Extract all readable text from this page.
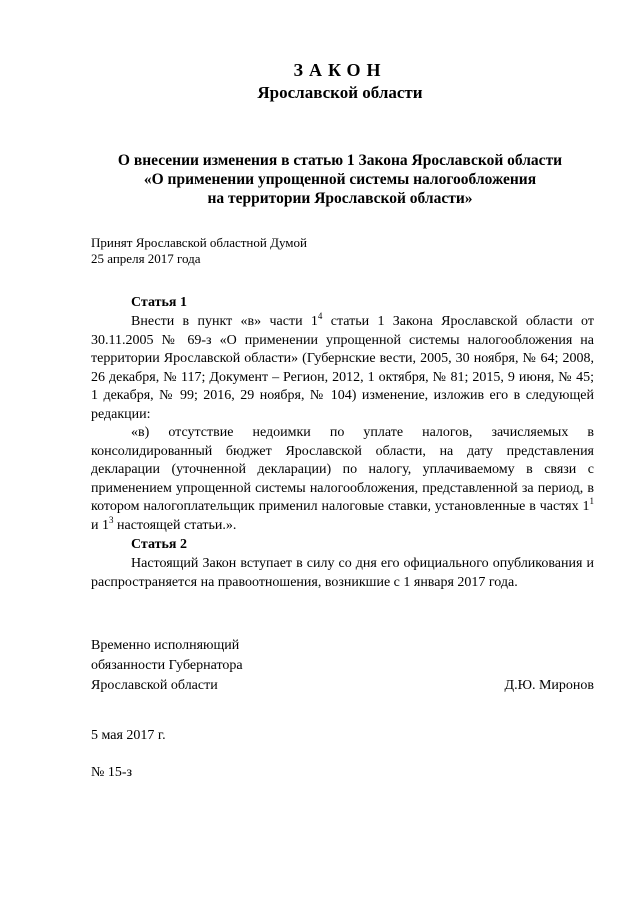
ЗАКОН
Ярославской области
О внесении изменения в статью 1 Закона Ярославской области
«О применении упрощенной системы налогообложения
на территории Ярославской области»
Принят Ярославской областной Думой
25 апреля 2017 года
Статья 1

Внести в пункт «в» части $1^4$ статьи 1 Закона Ярославской области от 30.11.2005 № 69-з «О применении упрощенной системы налогообложения на территории Ярославской области» (Губернские вести, 2005, 30 ноября, № 64; 2008, 26 декабря, № 117; Документ – Регион, 2012, 1 октября, № 81; 2015, 9 июня, № 45; 1 декабря, № 99; 2016, 29 ноября, № 104) изменение, изложив его в следующей редакции:

«в) отсутствие недоимки по уплате налогов, зачисляемых в консолидированный бюджет Ярославской области, на дату представления декларации (уточненной декларации) по налогу, уплачиваемому в связи с применением упрощенной системы налогообложения, представленной за период, в котором налогоплательщик применил налоговые ставки, установленные в частях $1^1$ и $1^3$ настоящей статьи.».

Статья 2

Настоящий Закон вступает в силу со дня его официального опубликования и распространяется на правоотношения, возникшие с 1 января 2017 года.

Временно исполняющий
обязанности Губернатора
Ярославской области	Д.Ю. Миронов
5 мая 2017 г.
№ 15-з
